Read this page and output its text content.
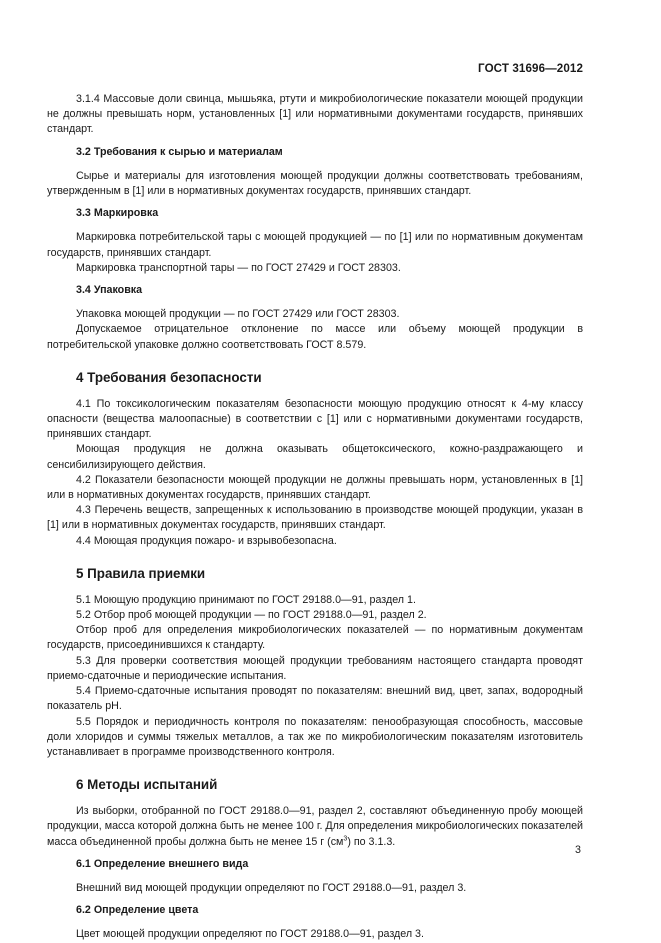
ГОСТ 31696—2012

3.1.4 Массовые доли свинца, мышьяка, ртути и микробиологические показатели моющей продукции не должны превышать норм, установленных [1] или нормативными документами государств, принявших стандарт.

3.2 Требования к сырью и материалам

Сырье и материалы для изготовления моющей продукции должны соответствовать требованиям, утвержденным в [1] или в нормативных документах государств, принявших стандарт.

3.3 Маркировка

Маркировка потребительской тары с моющей продукцией — по [1] или по нормативным документам государств, принявших стандарт.

Маркировка транспортной тары — по ГОСТ 27429 и ГОСТ 28303.

3.4 Упаковка

Упаковка моющей продукции — по ГОСТ 27429 или ГОСТ 28303.

Допускаемое отрицательное отклонение по массе или объему моющей продукции в потребительской упаковке должно соответствовать ГОСТ 8.579.

4 Требования безопасности

4.1 По токсикологическим показателям безопасности моющую продукцию относят к 4-му классу опасности (вещества малоопасные) в соответствии с [1] или с нормативными документами государств, принявших стандарт.

Моющая продукция не должна оказывать общетоксического, кожно-раздражающего и сенсибилизирующего действия.

4.2 Показатели безопасности моющей продукции не должны превышать норм, установленных в [1] или в нормативных документах государств, принявших стандарт.

4.3 Перечень веществ, запрещенных к использованию в производстве моющей продукции, указан в [1] или в нормативных документах государств, принявших стандарт.

4.4 Моющая продукция пожаро- и взрывобезопасна.

5 Правила приемки

5.1 Моющую продукцию принимают по ГОСТ 29188.0—91, раздел 1.

5.2 Отбор проб моющей продукции — по ГОСТ 29188.0—91, раздел 2.

Отбор проб для определения микробиологических показателей — по нормативным документам государств, присоединившихся к стандарту.

5.3 Для проверки соответствия моющей продукции требованиям настоящего стандарта проводят приемо-сдаточные и периодические испытания.

5.4 Приемо-сдаточные испытания проводят по показателям: внешний вид, цвет, запах, водородный показатель pH.

5.5 Порядок и периодичность контроля по показателям: пенообразующая способность, массовые доли хлоридов и суммы тяжелых металлов, а так же по микробиологическим показателям изготовитель устанавливает в программе производственного контроля.

6 Методы испытаний

Из выборки, отобранной по ГОСТ 29188.0—91, раздел 2, составляют объединенную пробу моющей продукции, масса которой должна быть не менее 100 г. Для определения микробиологических показателей масса объединенной пробы должна быть не менее 15 г $(см^3)$ по 3.1.3.

6.1 Определение внешнего вида

Внешний вид моющей продукции определяют по ГОСТ 29188.0—91, раздел 3.

6.2 Определение цвета

Цвет моющей продукции определяют по ГОСТ 29188.0—91, раздел 3.

3
